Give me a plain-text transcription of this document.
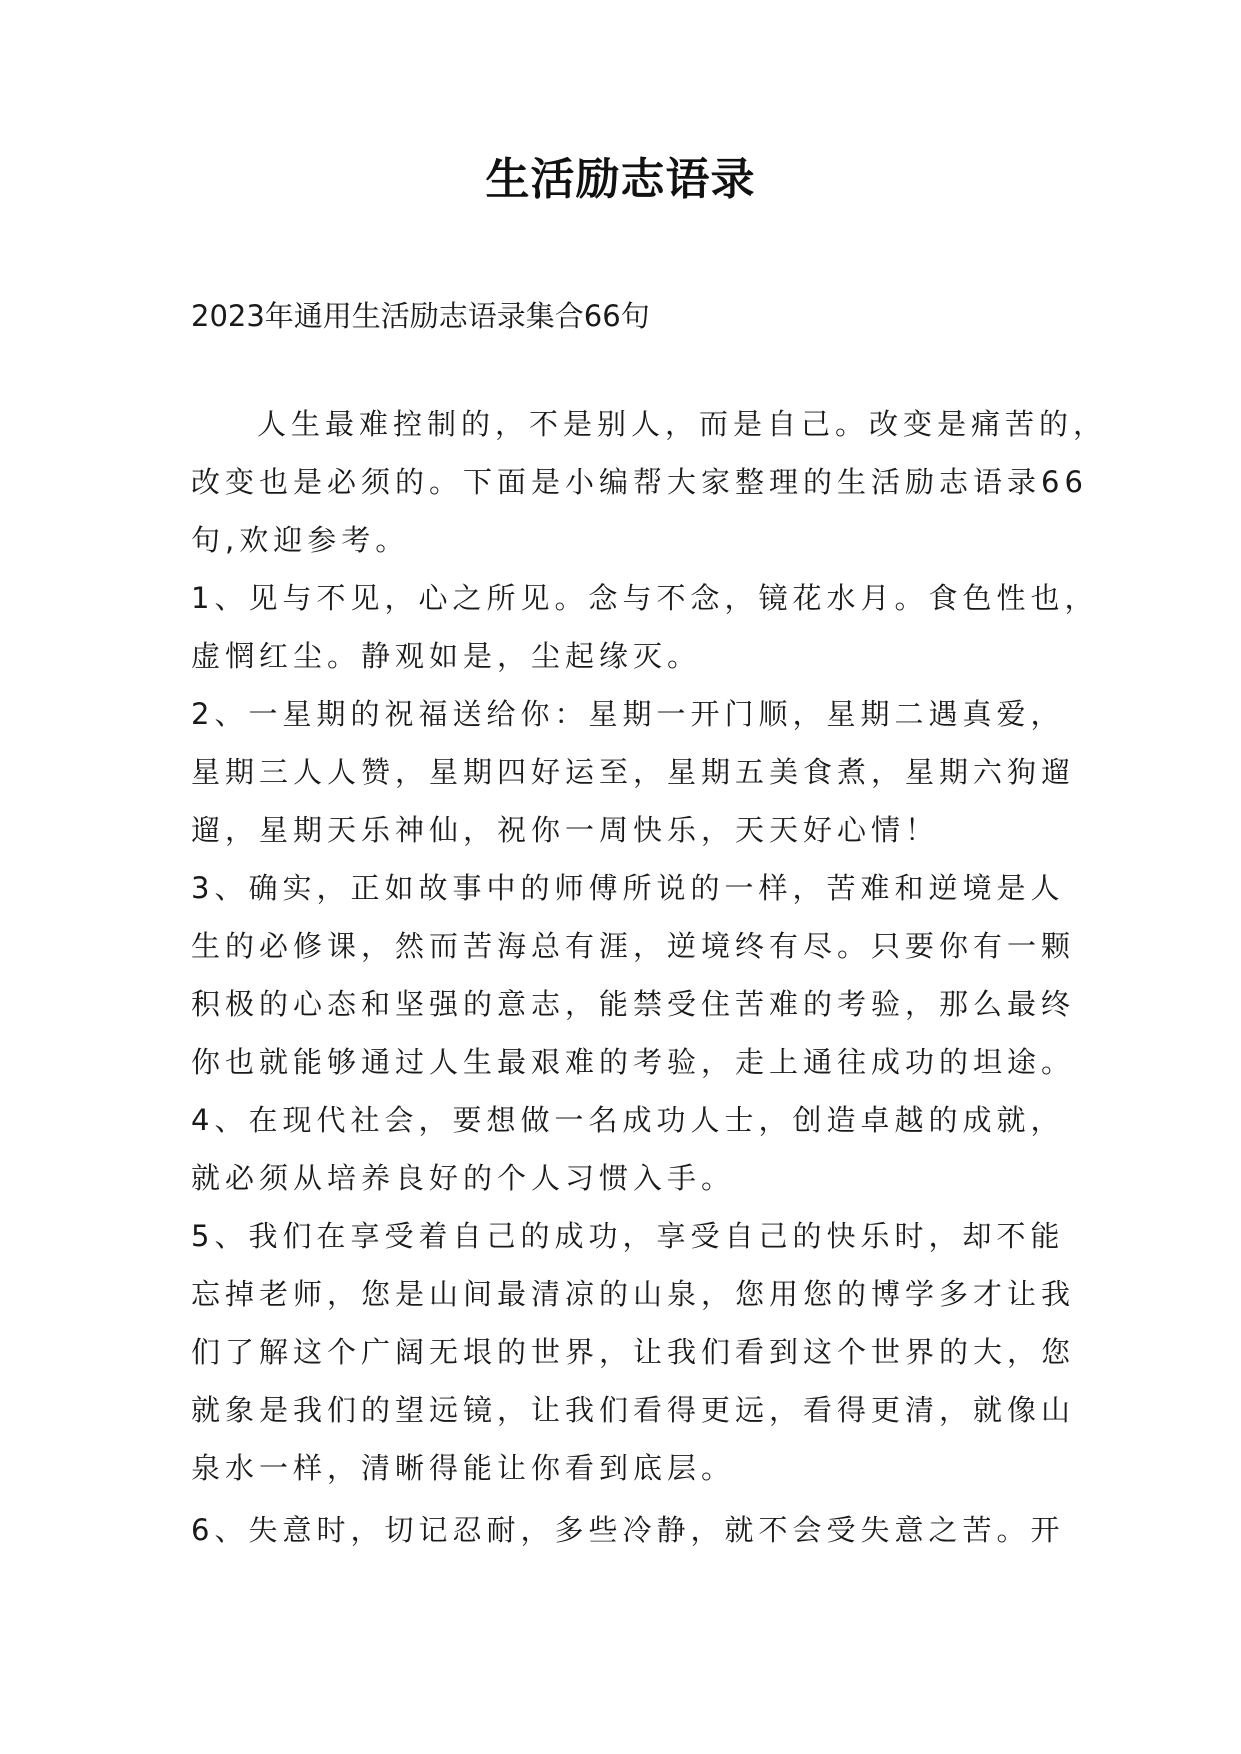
生活励志语录
2023年通用生活励志语录集合66句
人生最难控制的，不是别人，而是自己。改变是痛苦的，
改变也是必须的。下面是小编帮大家整理的生活励志语录66
句,欢迎参考。
1、见与不见，心之所见。念与不念，镜花水月。食色性也，
虚惘红尘。静观如是，尘起缘灭。
2、一星期的祝福送给你：星期一开门顺，星期二遇真爱，
星期三人人赞，星期四好运至，星期五美食煮，星期六狗遛
遛，星期天乐神仙，祝你一周快乐，天天好心情！
3、确实，正如故事中的师傅所说的一样，苦难和逆境是人
生的必修课，然而苦海总有涯，逆境终有尽。只要你有一颗
积极的心态和坚强的意志，能禁受住苦难的考验，那么最终
你也就能够通过人生最艰难的考验，走上通往成功的坦途。
4、在现代社会，要想做一名成功人士，创造卓越的成就，
就必须从培养良好的个人习惯入手。
5、我们在享受着自己的成功，享受自己的快乐时，却不能
忘掉老师，您是山间最清凉的山泉，您用您的博学多才让我
们了解这个广阔无垠的世界，让我们看到这个世界的大，您
就象是我们的望远镜，让我们看得更远，看得更清，就像山
泉水一样，清晰得能让你看到底层。
6、失意时，切记忍耐，多些冷静，就不会受失意之苦。开
